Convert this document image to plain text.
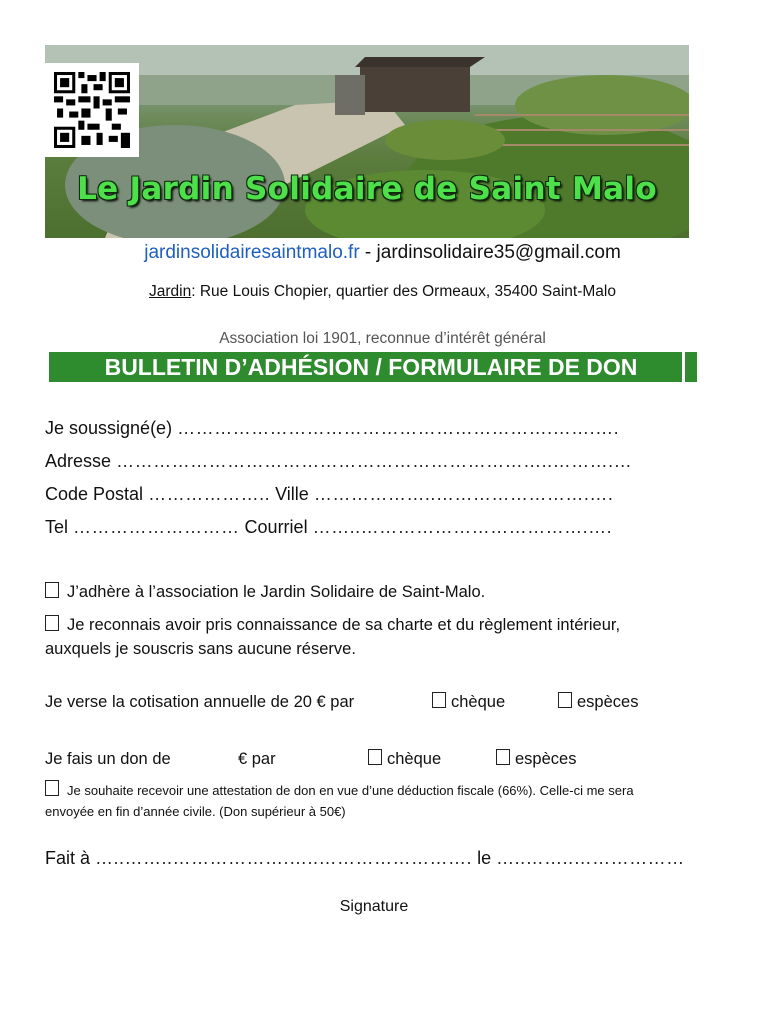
Le Jardin Solidaire de Saint Malo
jardinsolidairesaintmalo.fr - jardinsolidaire35@gmail.com
Jardin: Rue Louis Chopier, quartier des Ormeaux, 35400 Saint-Malo
Association loi 1901, reconnue d’intérêt général
BULLETIN D’ADHÉSION / FORMULAIRE DE DON
Je soussigné(e) …………………………………………………….…….….
Adresse ……………………………………………………………..……….…
Code Postal ……………….. Ville ………………..…………………….….
Tel ……………………… Courriel ……..……………………………….….
J’adhère à l’association le Jardin Solidaire de Saint-Malo.
Je reconnais avoir pris connaissance de sa charte et du règlement intérieur,
auxquels je souscris sans aucune réserve.
Je verse la cotisation annuelle de 20 € par	chèque	espèces
Je fais un don de	€ par	chèque	espèces
Je souhaite recevoir une attestation de don en vue d’une déduction fiscale (66%). Celle-ci me sera
envoyée en fin d’année civile. (Don supérieur à 50€)
Fait à …..……..……………….…..……………………. le …..……..………………
Signature
